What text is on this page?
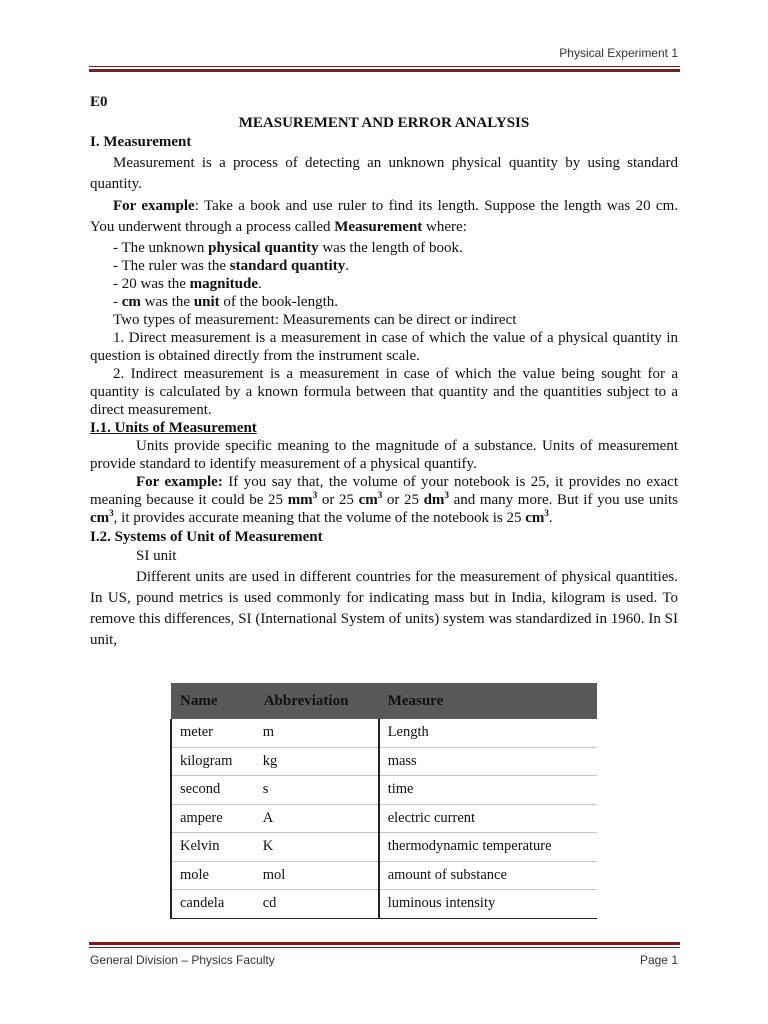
Physical Experiment 1

E0

MEASUREMENT AND ERROR ANALYSIS

I. Measurement

Measurement is a process of detecting an unknown physical quantity by using standard quantity.

For example: Take a book and use ruler to find its length. Suppose the length was 20 cm. You underwent through a process called Measurement where:

- The unknown physical quantity was the length of book.

- The ruler was the standard quantity.

- 20 was the magnitude.

- cm was the unit of the book-length.

Two types of measurement: Measurements can be direct or indirect

1. Direct measurement is a measurement in case of which the value of a physical quantity in question is obtained directly from the instrument scale.

2. Indirect measurement is a measurement in case of which the value being sought for a quantity is calculated by a known formula between that quantity and the quantities subject to a direct measurement.

I.1. Units of Measurement

Units provide specific meaning to the magnitude of a substance. Units of measurement provide standard to identify measurement of a physical quantify.

For example: If you say that, the volume of your notebook is 25, it provides no exact meaning because it could be 25 $mm^3$ or 25 $cm^3$ or 25 $dm^3$ and many more. But if you use units $cm^3$, it provides accurate meaning that the volume of the notebook is 25 $cm^3$.

I.2. Systems of Unit of Measurement

SI unit

Different units are used in different countries for the measurement of physical quantities. In US, pound metrics is used commonly for indicating mass but in India, kilogram is used. To remove this differences, SI (International System of units) system was standardized in 1960. In SI unit,

Name	Abbreviation	Measure
meter	m	Length
kilogram	kg	mass
second	s	time
ampere	A	electric current
Kelvin	K	thermodynamic temperature
mole	mol	amount of substance
candela	cd	luminous intensity
General Division – Physics Faculty	Page 1
